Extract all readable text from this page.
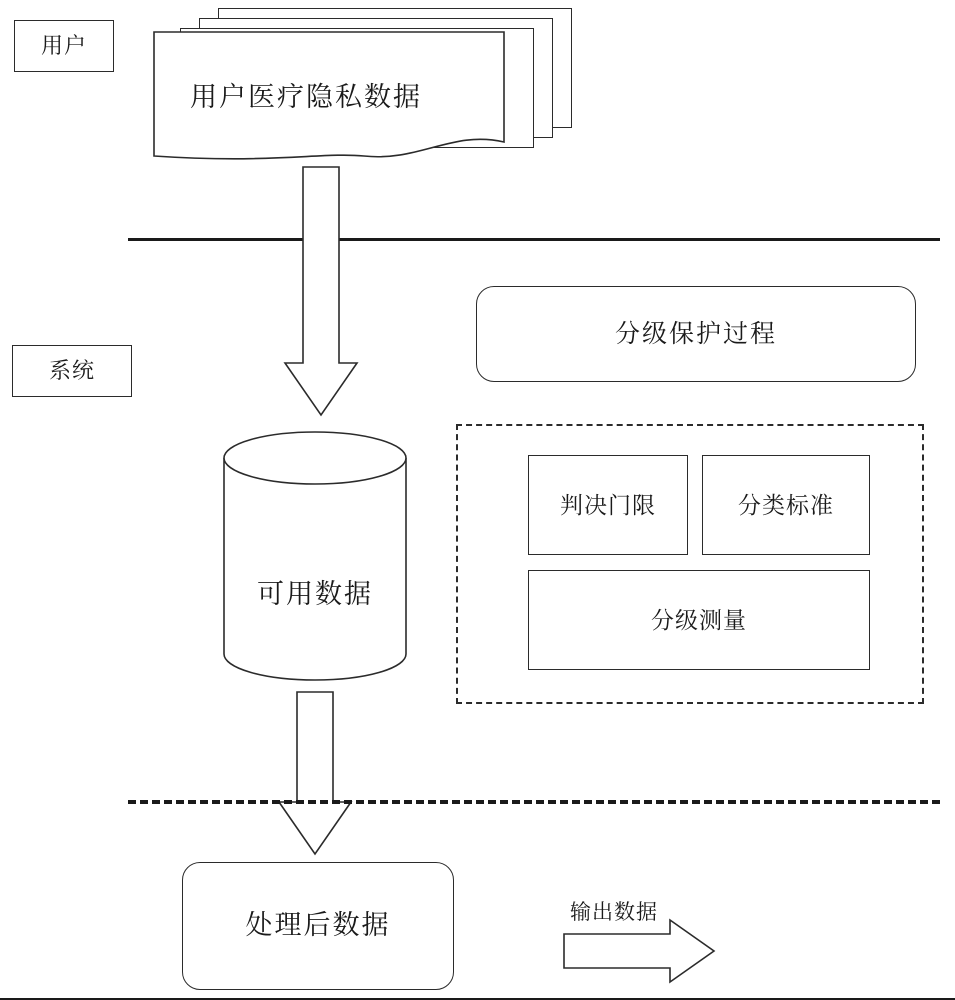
用户
用户医疗隐私数据
系统
分级保护过程
判决门限	分类标准
分级测量
可用数据
处理后数据	输出数据
